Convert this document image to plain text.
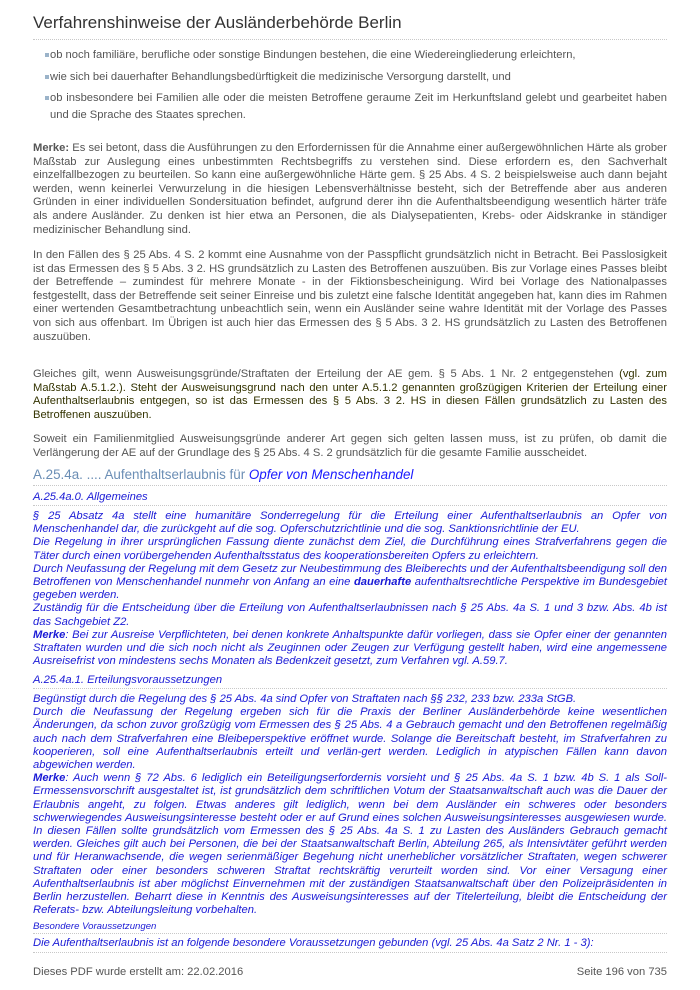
Verfahrenshinweise der Ausländerbehörde Berlin
ob noch familiäre, berufliche oder sonstige Bindungen bestehen, die eine Wiedereingliederung erleichtern,
wie sich bei dauerhafter Behandlungsbedürftigkeit die medizinische Versorgung darstellt, und
ob insbesondere bei Familien alle oder die meisten Betroffene geraume Zeit im Herkunftsland gelebt und gearbeitet haben und die Sprache des Staates sprechen.

Merke: Es sei betont, dass die Ausführungen zu den Erfordernissen für die Annahme einer außergewöhnlichen Härte als grober Maßstab zur Auslegung eines unbestimmten Rechtsbegriffs zu verstehen sind. Diese erfordern es, den Sachverhalt einzelfallbezogen zu beurteilen. So kann eine außergewöhnliche Härte gem. § 25 Abs. 4 S. 2 beispielsweise auch dann bejaht werden, wenn keinerlei Verwurzelung in die hiesigen Lebensverhältnisse besteht, sich der Betreffende aber aus anderen Gründen in einer individuellen Sondersituation befindet, aufgrund derer ihn die Aufenthaltsbeendigung wesentlich härter träfe als andere Ausländer. Zu denken ist hier etwa an Personen, die als Dialysepatienten, Krebs- oder Aidskranke in ständiger medizinischer Behandlung sind.

In den Fällen des § 25 Abs. 4 S. 2 kommt eine Ausnahme von der Passpflicht grundsätzlich nicht in Betracht. Bei Passlosigkeit ist das Ermessen des § 5 Abs. 3 2. HS grundsätzlich zu Lasten des Betroffenen auszuüben. Bis zur Vorlage eines Passes bleibt der Betreffende – zumindest für mehrere Monate - in der Fiktionsbescheinigung. Wird bei Vorlage des Nationalpasses festgestellt, dass der Betreffende seit seiner Einreise und bis zuletzt eine falsche Identität angegeben hat, kann dies im Rahmen einer wertenden Gesamtbetrachtung unbeachtlich sein, wenn ein Ausländer seine wahre Identität mit der Vorlage des Passes von sich aus offenbart. Im Übrigen ist auch hier das Ermessen des § 5 Abs. 3 2. HS grundsätzlich zu Lasten des Betroffenen auszuüben.

Gleiches gilt, wenn Ausweisungsgründe/Straftaten der Erteilung der AE gem. § 5 Abs. 1 Nr. 2 entgegenstehen (vgl. zum Maßstab A.5.1.2.). Steht der Ausweisungsgrund nach den unter A.5.1.2 genannten großzügigen Kriterien der Erteilung einer Aufenthaltserlaubnis entgegen, so ist das Ermessen des § 5 Abs. 3 2. HS in diesen Fällen grundsätzlich zu Lasten des Betroffenen auszuüben.

Soweit ein Familienmitglied Ausweisungsgründe anderer Art gegen sich gelten lassen muss, ist zu prüfen, ob damit die Verlängerung der AE auf der Grundlage des § 25 Abs. 4 S. 2 grundsätzlich für die gesamte Familie ausscheidet.

A.25.4a. .... Aufenthaltserlaubnis für Opfer von Menschenhandel
A.25.4a.0. Allgemeines

§ 25 Absatz 4a stellt eine humanitäre Sonderregelung für die Erteilung einer Aufenthaltserlaubnis an Opfer von Menschenhandel dar, die zurückgeht auf die sog. Opferschutzrichtlinie und die sog. Sanktionsrichtlinie der EU.

Die Regelung in ihrer ursprünglichen Fassung diente zunächst dem Ziel, die Durchführung eines Strafverfahrens gegen die Täter durch einen vorübergehenden Aufenthaltsstatus des kooperationsbereiten Opfers zu erleichtern.

Durch Neufassung der Regelung mit dem Gesetz zur Neubestimmung des Bleiberechts und der Aufenthaltsbeendigung soll den Betroffenen von Menschenhandel nunmehr von Anfang an eine dauerhafte aufenthaltsrechtliche Perspektive im Bundesgebiet gegeben werden.

Zuständig für die Entscheidung über die Erteilung von Aufenthaltserlaubnissen nach § 25 Abs. 4a S. 1 und 3 bzw. Abs. 4b ist das Sachgebiet Z2.

Merke: Bei zur Ausreise Verpflichteten, bei denen konkrete Anhaltspunkte dafür vorliegen, dass sie Opfer einer der genannten Straftaten wurden und die sich noch nicht als Zeuginnen oder Zeugen zur Verfügung gestellt haben, wird eine angemessene Ausreisefrist von mindestens sechs Monaten als Bedenkzeit gesetzt, zum Verfahren vgl. A.59.7.

A.25.4a.1. Erteilungsvoraussetzungen

Begünstigt durch die Regelung des § 25 Abs. 4a sind Opfer von Straftaten nach §§ 232, 233 bzw. 233a StGB.

Durch die Neufassung der Regelung ergeben sich für die Praxis der Berliner Ausländerbehörde keine wesentlichen Änderungen, da schon zuvor großzügig vom Ermessen des § 25 Abs. 4 a Gebrauch gemacht und den Betroffenen regelmäßig auch nach dem Strafverfahren eine Bleibeperspektive eröffnet wurde. Solange die Bereitschaft besteht, im Strafverfahren zu kooperieren, soll eine Aufenthaltserlaubnis erteilt und verlän-gert werden. Lediglich in atypischen Fällen kann davon abgewichen werden.

Merke: Auch wenn § 72 Abs. 6 lediglich ein Beteiligungserfordernis vorsieht und § 25 Abs. 4a S. 1 bzw. 4b S. 1 als Soll-Ermessensvorschrift ausgestaltet ist, ist grundsätzlich dem schriftlichen Votum der Staatsanwaltschaft auch was die Dauer der Erlaubnis angeht, zu folgen. Etwas anderes gilt lediglich, wenn bei dem Ausländer ein schweres oder besonders schwerwiegendes Ausweisungsinteresse besteht oder er auf Grund eines solchen Ausweisungsinteresses ausgewiesen wurde. In diesen Fällen sollte grundsätzlich vom Ermessen des § 25 Abs. 4a S. 1 zu Lasten des Ausländers Gebrauch gemacht werden. Gleiches gilt auch bei Personen, die bei der Staatsanwaltschaft Berlin, Abteilung 265, als Intensivtäter geführt werden und für Heranwachsende, die wegen serienmäßiger Begehung nicht unerheblicher vorsätzlicher Straftaten, wegen schwerer Straftaten oder einer besonders schweren Straftat rechtskräftig verurteilt worden sind. Vor einer Versagung einer Aufenthaltserlaubnis ist aber möglichst Einvernehmen mit der zuständigen Staatsanwaltschaft über den Polizeipräsidenten in Berlin herzustellen. Beharrt diese in Kenntnis des Ausweisungsinteresses auf der Titelerteilung, bleibt die Entscheidung der Referats- bzw. Abteilungsleitung vorbehalten.

Besondere Voraussetzungen

Die Aufenthaltserlaubnis ist an folgende besondere Voraussetzungen gebunden (vgl. 25 Abs. 4a Satz 2 Nr. 1 - 3):

Dieses PDF wurde erstellt am: 22.02.2016	Seite 196 von 735
